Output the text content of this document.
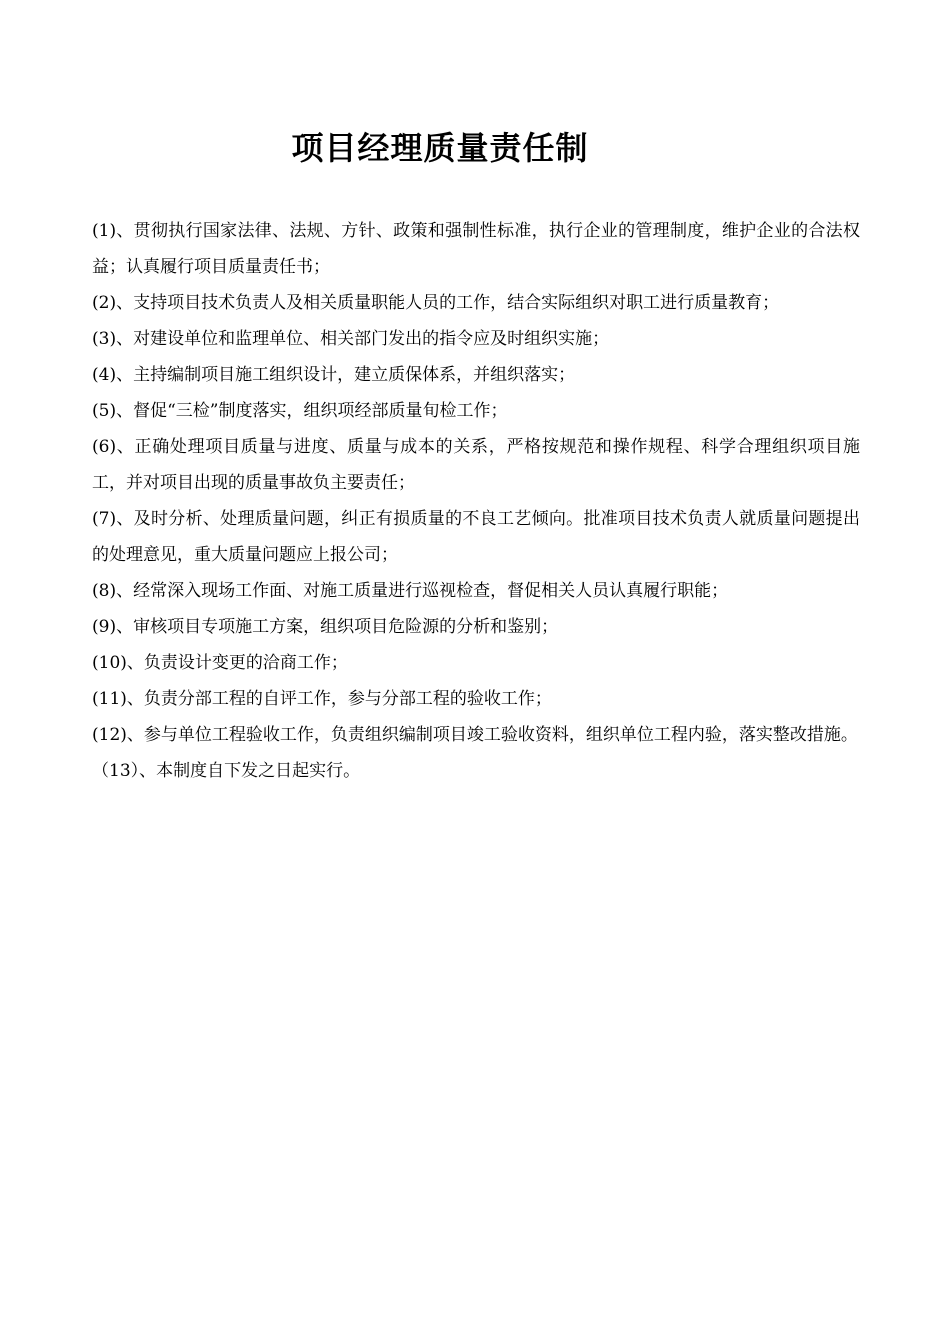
项目经理质量责任制

(1)、贯彻执行国家法律、法规、方针、政策和强制性标准，执行企业的管理制度，维护企业的合法权益；认真履行项目质量责任书；

(2)、支持项目技术负责人及相关质量职能人员的工作，结合实际组织对职工进行质量教育；

(3)、对建设单位和监理单位、相关部门发出的指令应及时组织实施；

(4)、主持编制项目施工组织设计，建立质保体系，并组织落实；

(5)、督促“三检”制度落实，组织项经部质量旬检工作；

(6)、正确处理项目质量与进度、质量与成本的关系，严格按规范和操作规程、科学合理组织项目施工，并对项目出现的质量事故负主要责任；

(7)、及时分析、处理质量问题，纠正有损质量的不良工艺倾向。批准项目技术负责人就质量问题提出的处理意见，重大质量问题应上报公司；

(8)、经常深入现场工作面、对施工质量进行巡视检查，督促相关人员认真履行职能；

(9)、审核项目专项施工方案，组织项目危险源的分析和鉴别；

(10)、负责设计变更的洽商工作；

(11)、负责分部工程的自评工作，参与分部工程的验收工作；

(12)、参与单位工程验收工作，负责组织编制项目竣工验收资料，组织单位工程内验，落实整改措施。

（13）、本制度自下发之日起实行。
